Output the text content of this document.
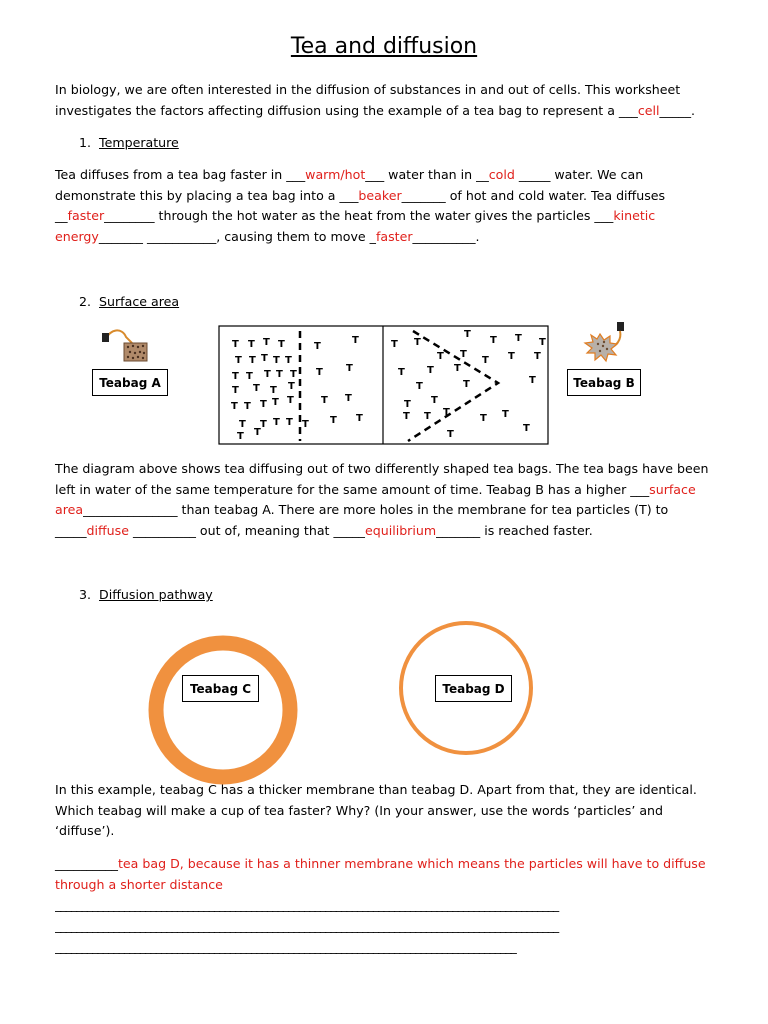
Tea and diffusion
In biology, we are often interested in the diffusion of substances in and out of cells. This worksheet investigates the factors affecting diffusion using the example of a tea bag to represent a ___cell_____.
1. Temperature
Tea diffuses from a tea bag faster in ___warm/hot___ water than in __cold _____ water. We can demonstrate this by placing a tea bag into a ___beaker_______ of hot and cold water. Tea diffuses __faster________ through the hot water as the heat from the water gives the particles ___kinetic energy_______ ___________, causing them to move _faster__________.
2. Surface area
Teabag A
T T T T	T
T
T T T T T
T T T T T T T
T T T T
T T T T T	T T
T T T T T T T
T T
T T
T
T T T
T T
T T T
T T T
T	T	T
T T
T T T
T T
T
T
Teabag B
The diagram above shows tea diffusing out of two differently shaped tea bags. The tea bags have been left in water of the same temperature for the same amount of time. Teabag B has a higher ___surface area_______________ than teabag A. There are more holes in the membrane for tea particles (T) to _____diffuse __________ out of, meaning that _____equilibrium_______ is reached faster.
3. Diffusion pathway
Teabag C	Teabag D
In this example, teabag C has a thicker membrane than teabag D. Apart from that, they are identical. Which teabag will make a cup of tea faster? Why? (In your answer, use the words ‘particles’ and ‘diffuse’).
__________tea bag D, because it has a thinner membrane which means the particles will have to diffuse through a shorter distance
_______________________________________________________________________________________________
_______________________________________________________________________________________________
_______________________________________________________________________________________
